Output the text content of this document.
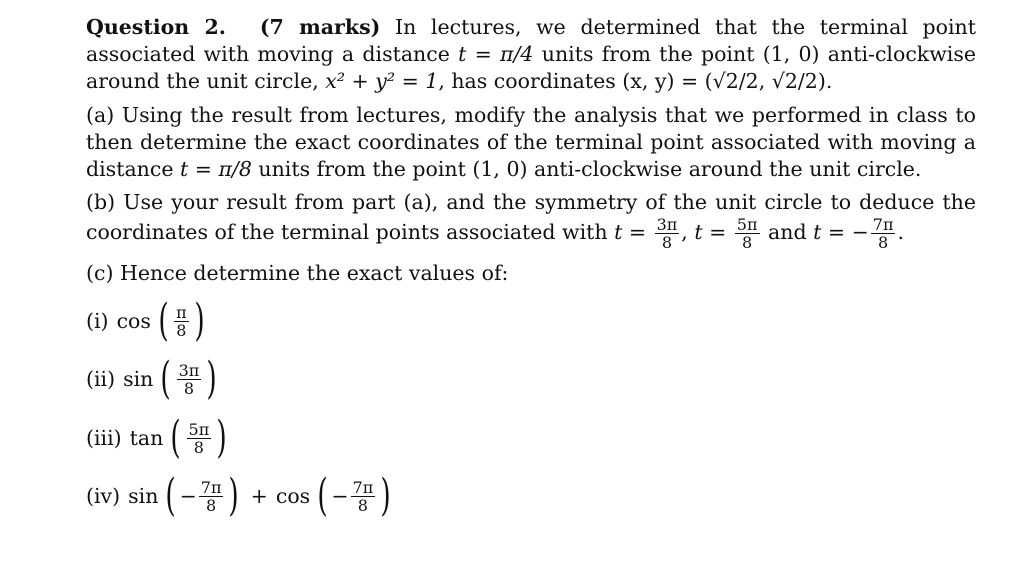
Question 2. (7 marks) In lectures, we determined that the terminal point associated with moving a distance t = π/4 units from the point (1, 0) anti-clockwise around the unit circle, x² + y² = 1, has coordinates (x, y) = (√2/2, √2/2).
(a) Using the result from lectures, modify the analysis that we performed in class to then determine the exact coordinates of the terminal point associated with moving a distance t = π/8 units from the point (1, 0) anti-clockwise around the unit circle.
(b) Use your result from part (a), and the symmetry of the unit circle to deduce the coordinates of the terminal points associated with $t = \frac{3\pi}{8}$ , $t = \frac{5\pi}{8}$ and t = − $\frac{7\pi}{8}$ .
(c) Hence determine the exact values of:
(i) cos ( $\frac{\pi}{8}$ )
(ii) sin ( $\frac{3\pi}{8}$ )
(iii) tan ( $\frac{5\pi}{8}$ )
(iv) sin ( − $\frac{7\pi}{8}$ ) + cos ( − $\frac{7\pi}{8}$ )
